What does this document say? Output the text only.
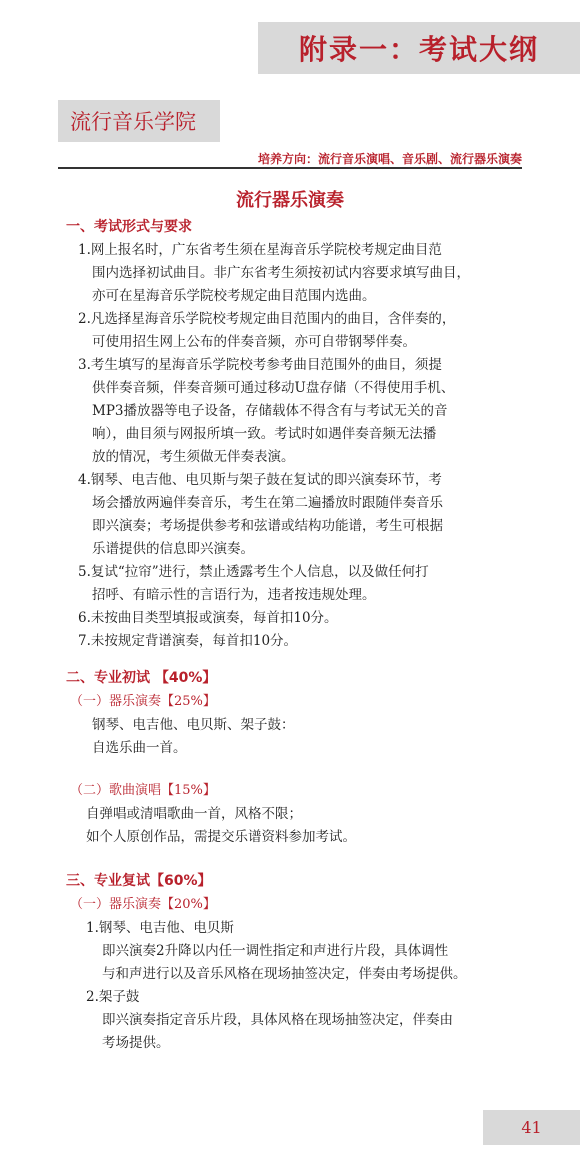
附录一：考试大纲
流行音乐学院
培养方向：流行音乐演唱、音乐剧、流行器乐演奏
流行器乐演奏
一、考试形式与要求
1.网上报名时，广东省考生须在星海音乐学院校考规定曲目范
围内选择初试曲目。非广东省考生须按初试内容要求填写曲目，
亦可在星海音乐学院校考规定曲目范围内选曲。
2.凡选择星海音乐学院校考规定曲目范围内的曲目，含伴奏的，
可使用招生网上公布的伴奏音频，亦可自带钢琴伴奏。
3.考生填写的星海音乐学院校考参考曲目范围外的曲目，须提
供伴奏音频，伴奏音频可通过移动U盘存储（不得使用手机、
MP3播放器等电子设备，存储载体不得含有与考试无关的音
响），曲目须与网报所填一致。考试时如遇伴奏音频无法播
放的情况，考生须做无伴奏表演。
4.钢琴、电吉他、电贝斯与架子鼓在复试的即兴演奏环节，考
场会播放两遍伴奏音乐，考生在第二遍播放时跟随伴奏音乐
即兴演奏；考场提供参考和弦谱或结构功能谱，考生可根据
乐谱提供的信息即兴演奏。
5.复试“拉帘”进行，禁止透露考生个人信息，以及做任何打
招呼、有暗示性的言语行为，违者按违规处理。
6.未按曲目类型填报或演奏，每首扣10分。
7.未按规定背谱演奏，每首扣10分。
二、专业初试 【40%】
（一）器乐演奏【25%】
钢琴、电吉他、电贝斯、架子鼓：
自选乐曲一首。
（二）歌曲演唱【15%】
自弹唱或清唱歌曲一首，风格不限；
如个人原创作品，需提交乐谱资料参加考试。
三、专业复试【60%】
（一）器乐演奏【20%】
1.钢琴、电吉他、电贝斯
即兴演奏2升降以内任一调性指定和声进行片段，具体调性
与和声进行以及音乐风格在现场抽签决定，伴奏由考场提供。
2.架子鼓
即兴演奏指定音乐片段，具体风格在现场抽签决定，伴奏由
考场提供。
41
